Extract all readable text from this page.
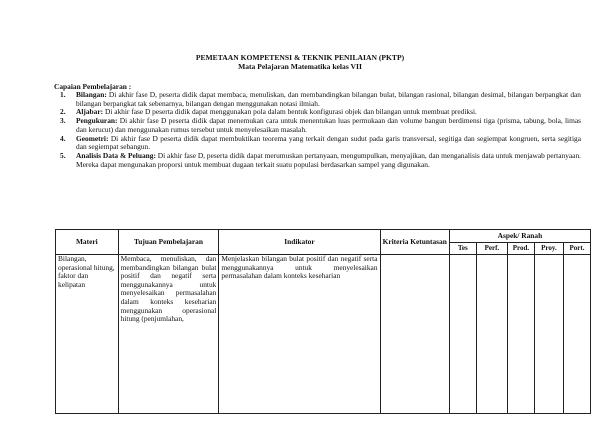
PEMETAAN KOMPETENSI & TEKNIK PENILAIAN (PKTP)
Mata Pelajaran Matematika kelas VII
Capaian Pembelajaran :
1.	Bilangan: Di akhir fase D, peserta didik dapat membaca, menuliskan, dan membandingkan bilangan bulat, bilangan rasional, bilangan desimal, bilangan berpangkat dan bilangan berpangkat tak sebenarnya, bilangan dengan menggunakan notasi ilmiah.
2.	Aljabar: Di akhir fase D peserta didik dapat menggunakan pola dalam bentuk konfigurasi objek dan bilangan untuk membuat prediksi.
3.	Pengukuran: Di akhir fase D peserta didik dapat menemukan cara untuk menentukan luas permukaan dan volume bangun berdimensi tiga (prisma, tabung, bola, limas dan kerucut) dan menggunakan rumus tersebut untuk menyelesaikan masalah.
4.	Geometri: Di akhir fase D peserta didik dapat membuktikan teorema yang terkait dengan sudut pada garis transversal, segitiga dan segiempat kongruen, serta segitiga dan segiempat sebangun.
5.	Analisis Data & Peluang: Di akhir fase D, peserta didik dapat merumuskan pertanyaan, mengumpulkan, menyajikan, dan menganalisis data untuk menjawab pertanyaan. Mereka dapat mengunakan proporsi untuk membuat dugaan terkait suatu populasi berdasarkan sampel yang digunakan.
Materi	Tujuan Pembelajaran	Indikator	Kriteria Ketuntasan	Aspek/ Ranah				
				Tes	Perf.	Prod.	Proy.	Port.
Bilangan, operasional hitung, faktor dan kelipatan	Membaca, menuliskan, dan membandingkan bilangan bulat positif dan negatif serta menggunakannya untuk menyelesaikan permasalahan dalam konteks keseharian menggunakan operasional hitung (penjumlahan,	Menjelaskan bilangan bulat positif dan negatif serta menggunakannya untuk menyelesaikan permasalahan dalam konteks keseharian						
